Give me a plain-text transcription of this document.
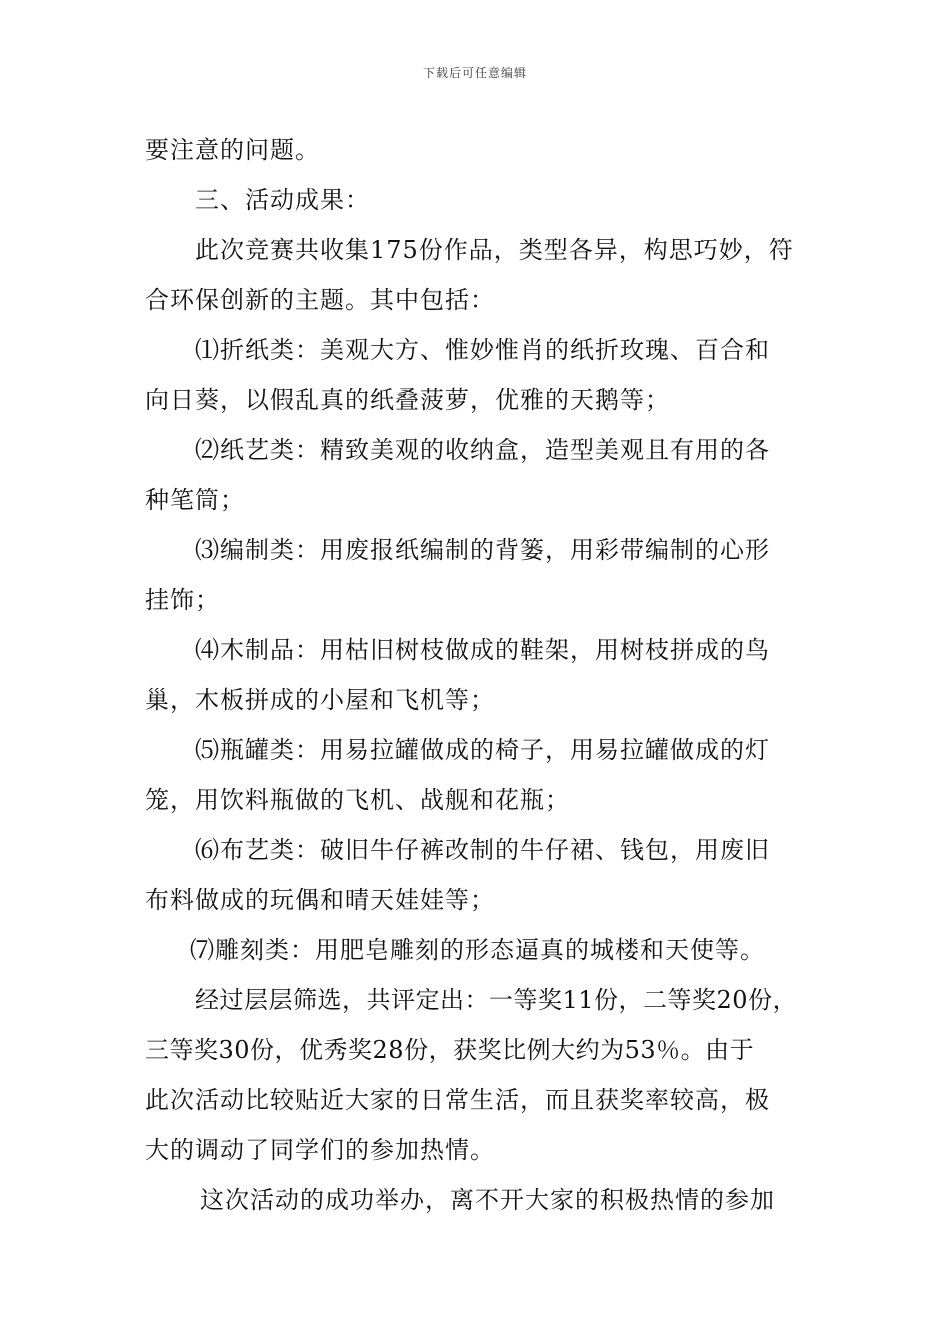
下载后可任意编辑
要注意的问题。
三、活动成果：
此次竞赛共收集175份作品，类型各异，构思巧妙，符
合环保创新的主题。其中包括：
⑴折纸类：美观大方、惟妙惟肖的纸折玫瑰、百合和
向日葵，以假乱真的纸叠菠萝，优雅的天鹅等；
⑵纸艺类：精致美观的收纳盒，造型美观且有用的各
种笔筒；
⑶编制类：用废报纸编制的背篓，用彩带编制的心形
挂饰；
⑷木制品：用枯旧树枝做成的鞋架，用树枝拼成的鸟
巢，木板拼成的小屋和飞机等；
⑸瓶罐类：用易拉罐做成的椅子，用易拉罐做成的灯
笼，用饮料瓶做的飞机、战舰和花瓶；
⑹布艺类：破旧牛仔裤改制的牛仔裙、钱包，用废旧
布料做成的玩偶和晴天娃娃等；
⑺雕刻类：用肥皂雕刻的形态逼真的城楼和天使等。
经过层层筛选，共评定出：一等奖11份，二等奖20份，
三等奖30份，优秀奖28份，获奖比例大约为53％。由于
此次活动比较贴近大家的日常生活，而且获奖率较高，极
大的调动了同学们的参加热情。
这次活动的成功举办，离不开大家的积极热情的参加
